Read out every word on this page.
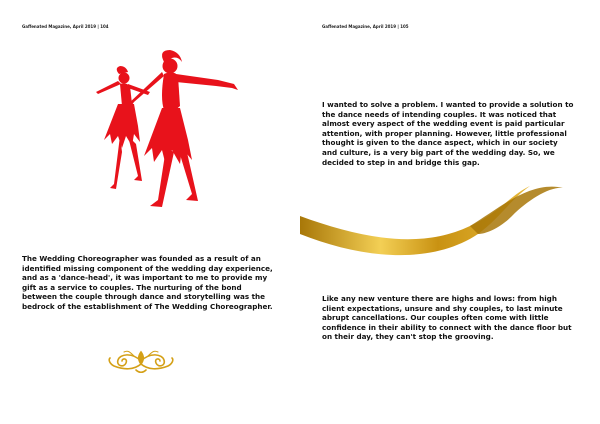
Gaffenated Magazine, April 2019 | 104

The Wedding Choreographer was founded as a result of an identified missing component of the wedding day experience, and as a 'dance-head', it was important to me to provide my gift as a service to couples. The nurturing of the bond between the couple through dance and storytelling was the bedrock of the establishment of The Wedding Choreographer.

Gaffenated Magazine, April 2019 | 105

I wanted to solve a problem. I wanted to provide a solution to the dance needs of intending couples. It was noticed that almost every aspect of the wedding event is paid particular attention, with proper planning. However, little professional thought is given to the dance aspect, which in our society and culture, is a very big part of the wedding day. So, we decided to step in and bridge this gap.

Like any new venture there are highs and lows: from high client expectations, unsure and shy couples, to last minute abrupt cancellations. Our couples often come with little confidence in their ability to connect with the dance floor but on their day, they can't stop the grooving.
